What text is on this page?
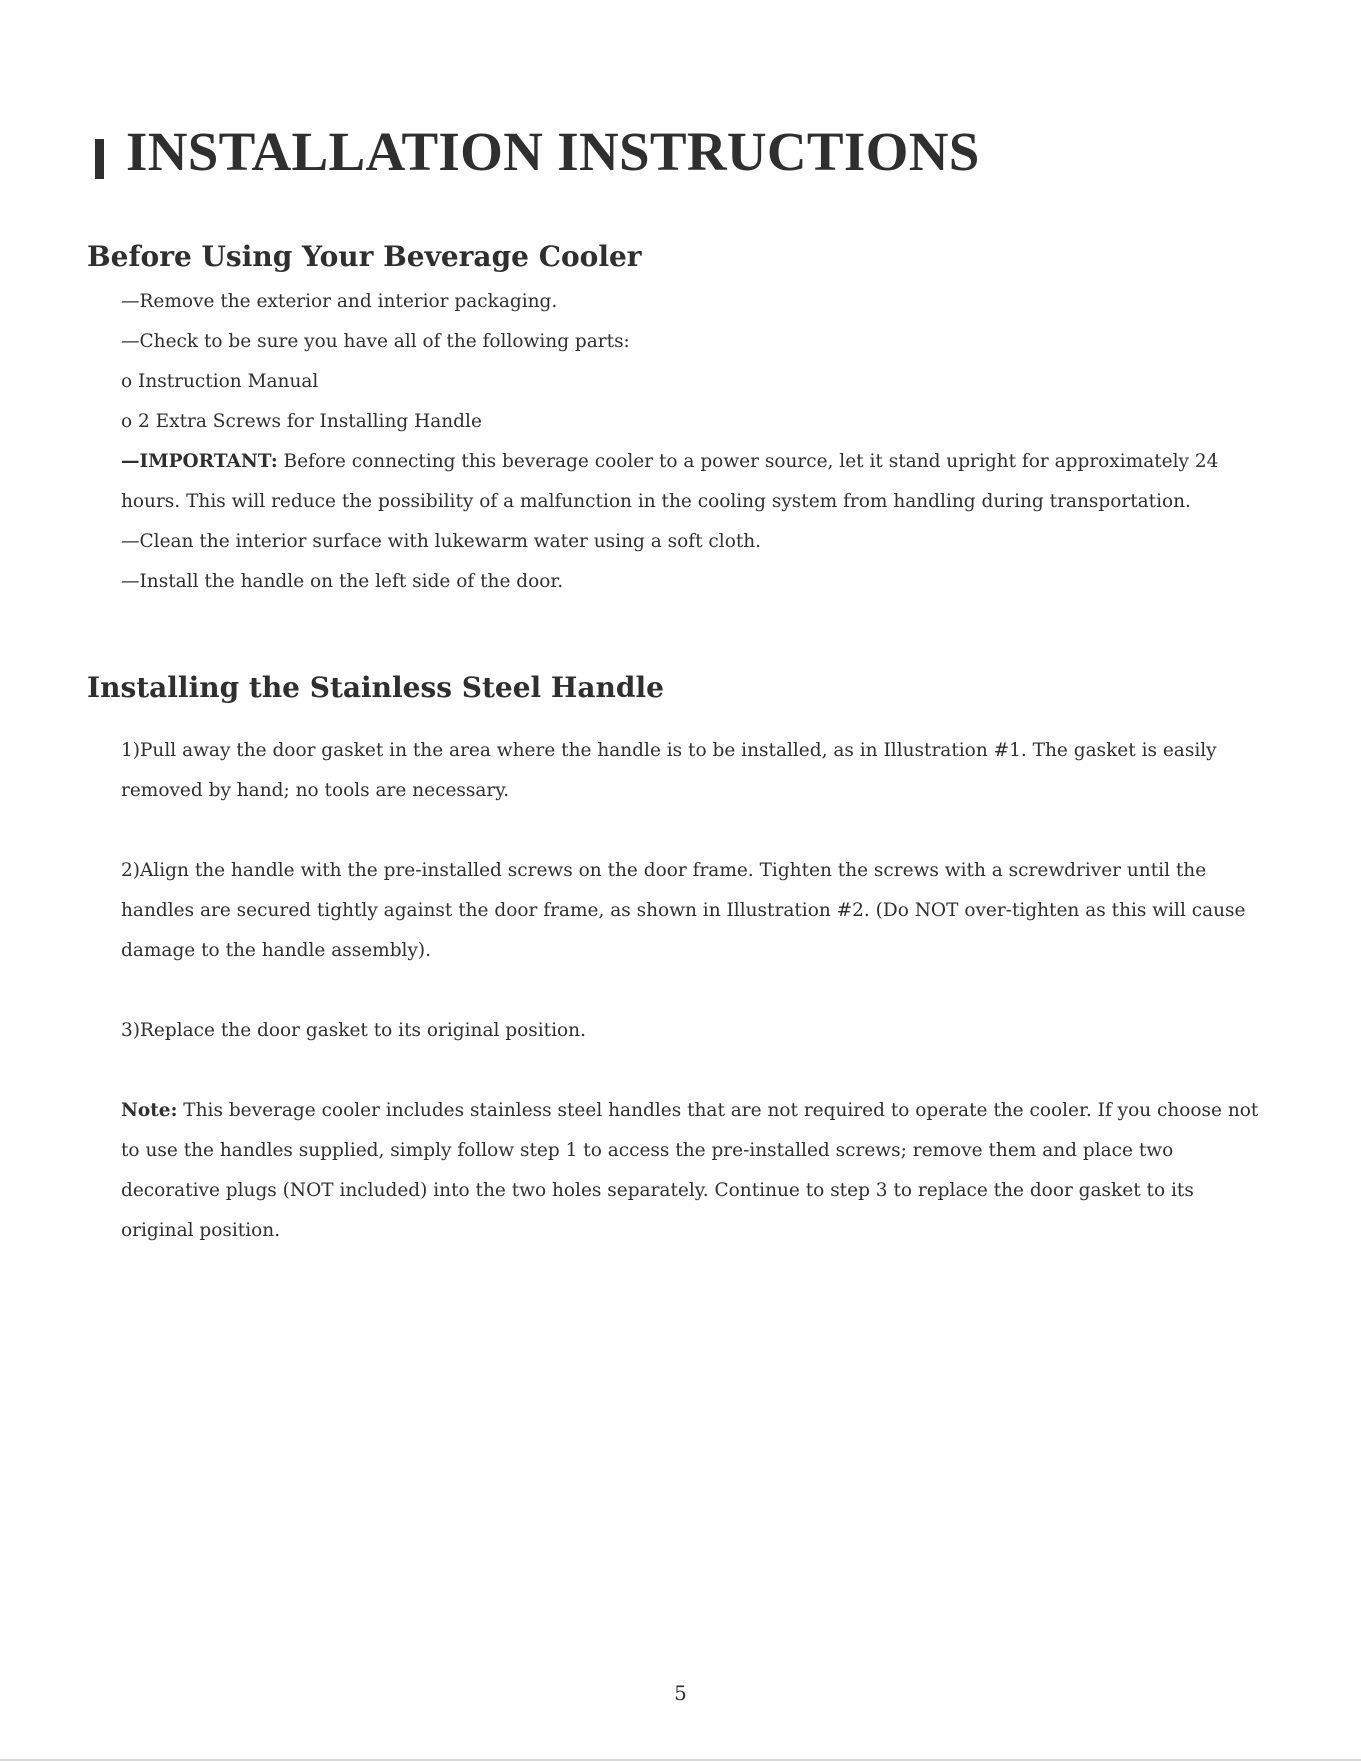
INSTALLATION INSTRUCTIONS
Before Using Your Beverage Cooler

—Remove the exterior and interior packaging.

—Check to be sure you have all of the following parts:

o Instruction Manual

o 2 Extra Screws for Installing Handle

—IMPORTANT: Before connecting this beverage cooler to a power source, let it stand upright for approximately 24

hours. This will reduce the possibility of a malfunction in the cooling system from handling during transportation.

—Clean the interior surface with lukewarm water using a soft cloth.

—Install the handle on the left side of the door.

Installing the Stainless Steel Handle

1)Pull away the door gasket in the area where the handle is to be installed, as in Illustration #1. The gasket is easily removed by hand; no tools are necessary.

2)Align the handle with the pre-installed screws on the door frame. Tighten the screws with a screwdriver until the handles are secured tightly against the door frame, as shown in Illustration #2. (Do NOT over-tighten as this will cause damage to the handle assembly).

3)Replace the door gasket to its original position.

Note: This beverage cooler includes stainless steel handles that are not required to operate the cooler. If you choose not to use the handles supplied, simply follow step 1 to access the pre-installed screws; remove them and place two decorative plugs (NOT included) into the two holes separately. Continue to step 3 to replace the door gasket to its original position.

5
